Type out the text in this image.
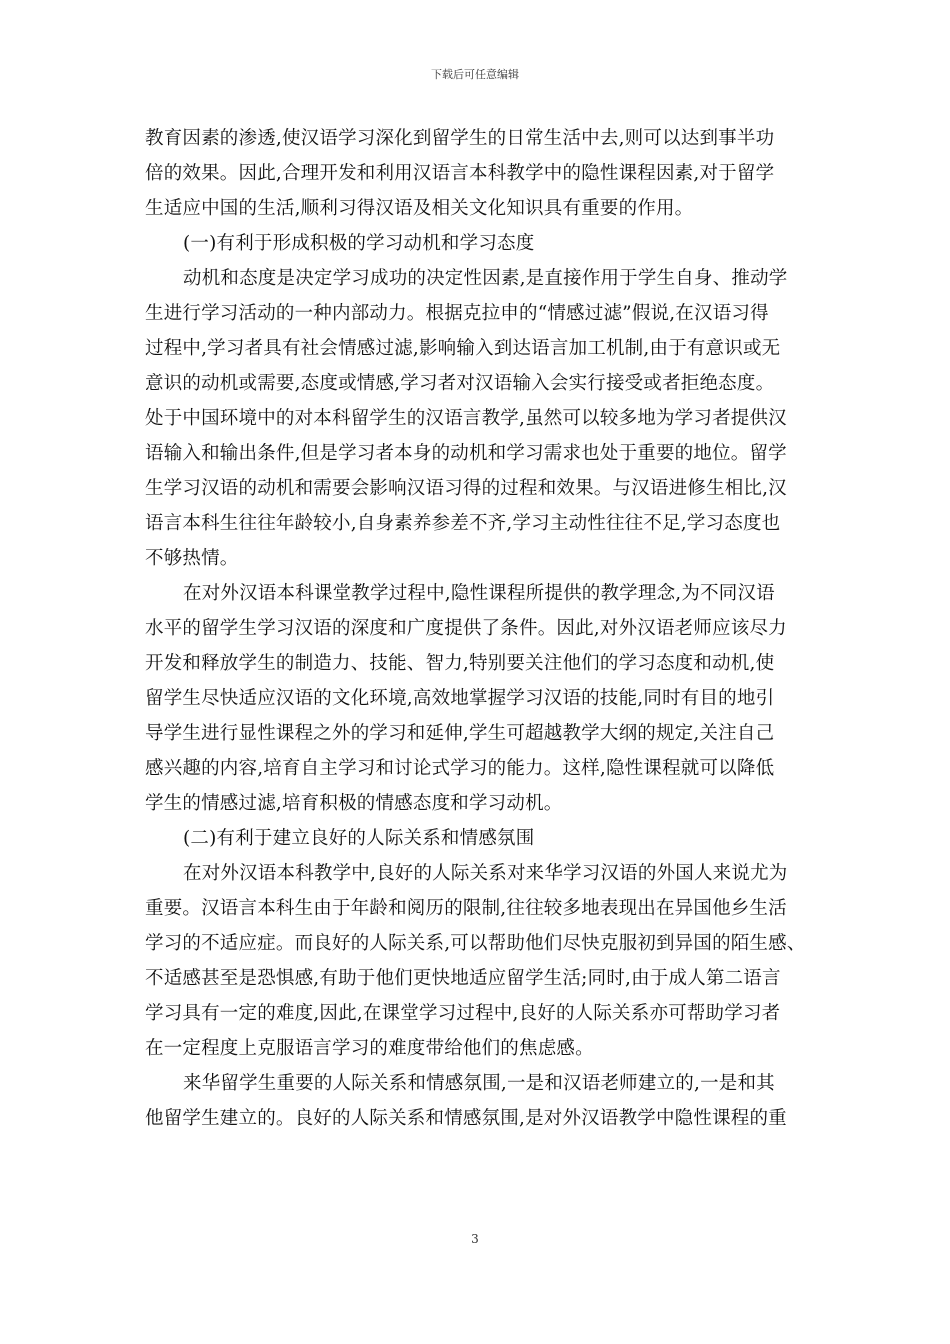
下载后可任意编辑
教育因素的渗透,使汉语学习深化到留学生的日常生活中去,则可以达到事半功
倍的效果。因此,合理开发和利用汉语言本科教学中的隐性课程因素,对于留学
生适应中国的生活,顺利习得汉语及相关文化知识具有重要的作用。
(一)有利于形成积极的学习动机和学习态度
动机和态度是决定学习成功的决定性因素,是直接作用于学生自身、推动学
生进行学习活动的一种内部动力。根据克拉申的“情感过滤”假说,在汉语习得
过程中,学习者具有社会情感过滤,影响输入到达语言加工机制,由于有意识或无
意识的动机或需要,态度或情感,学习者对汉语输入会实行接受或者拒绝态度。
处于中国环境中的对本科留学生的汉语言教学,虽然可以较多地为学习者提供汉
语输入和输出条件,但是学习者本身的动机和学习需求也处于重要的地位。留学
生学习汉语的动机和需要会影响汉语习得的过程和效果。与汉语进修生相比,汉
语言本科生往往年龄较小,自身素养参差不齐,学习主动性往往不足,学习态度也
不够热情。
在对外汉语本科课堂教学过程中,隐性课程所提供的教学理念,为不同汉语
水平的留学生学习汉语的深度和广度提供了条件。因此,对外汉语老师应该尽力
开发和释放学生的制造力、技能、智力,特别要关注他们的学习态度和动机,使
留学生尽快适应汉语的文化环境,高效地掌握学习汉语的技能,同时有目的地引
导学生进行显性课程之外的学习和延伸,学生可超越教学大纲的规定,关注自己
感兴趣的内容,培育自主学习和讨论式学习的能力。这样,隐性课程就可以降低
学生的情感过滤,培育积极的情感态度和学习动机。
(二)有利于建立良好的人际关系和情感氛围
在对外汉语本科教学中,良好的人际关系对来华学习汉语的外国人来说尤为
重要。汉语言本科生由于年龄和阅历的限制,往往较多地表现出在异国他乡生活
学习的不适应症。而良好的人际关系,可以帮助他们尽快克服初到异国的陌生感、
不适感甚至是恐惧感,有助于他们更快地适应留学生活;同时,由于成人第二语言
学习具有一定的难度,因此,在课堂学习过程中,良好的人际关系亦可帮助学习者
在一定程度上克服语言学习的难度带给他们的焦虑感。
来华留学生重要的人际关系和情感氛围,一是和汉语老师建立的,一是和其
他留学生建立的。良好的人际关系和情感氛围,是对外汉语教学中隐性课程的重
3
